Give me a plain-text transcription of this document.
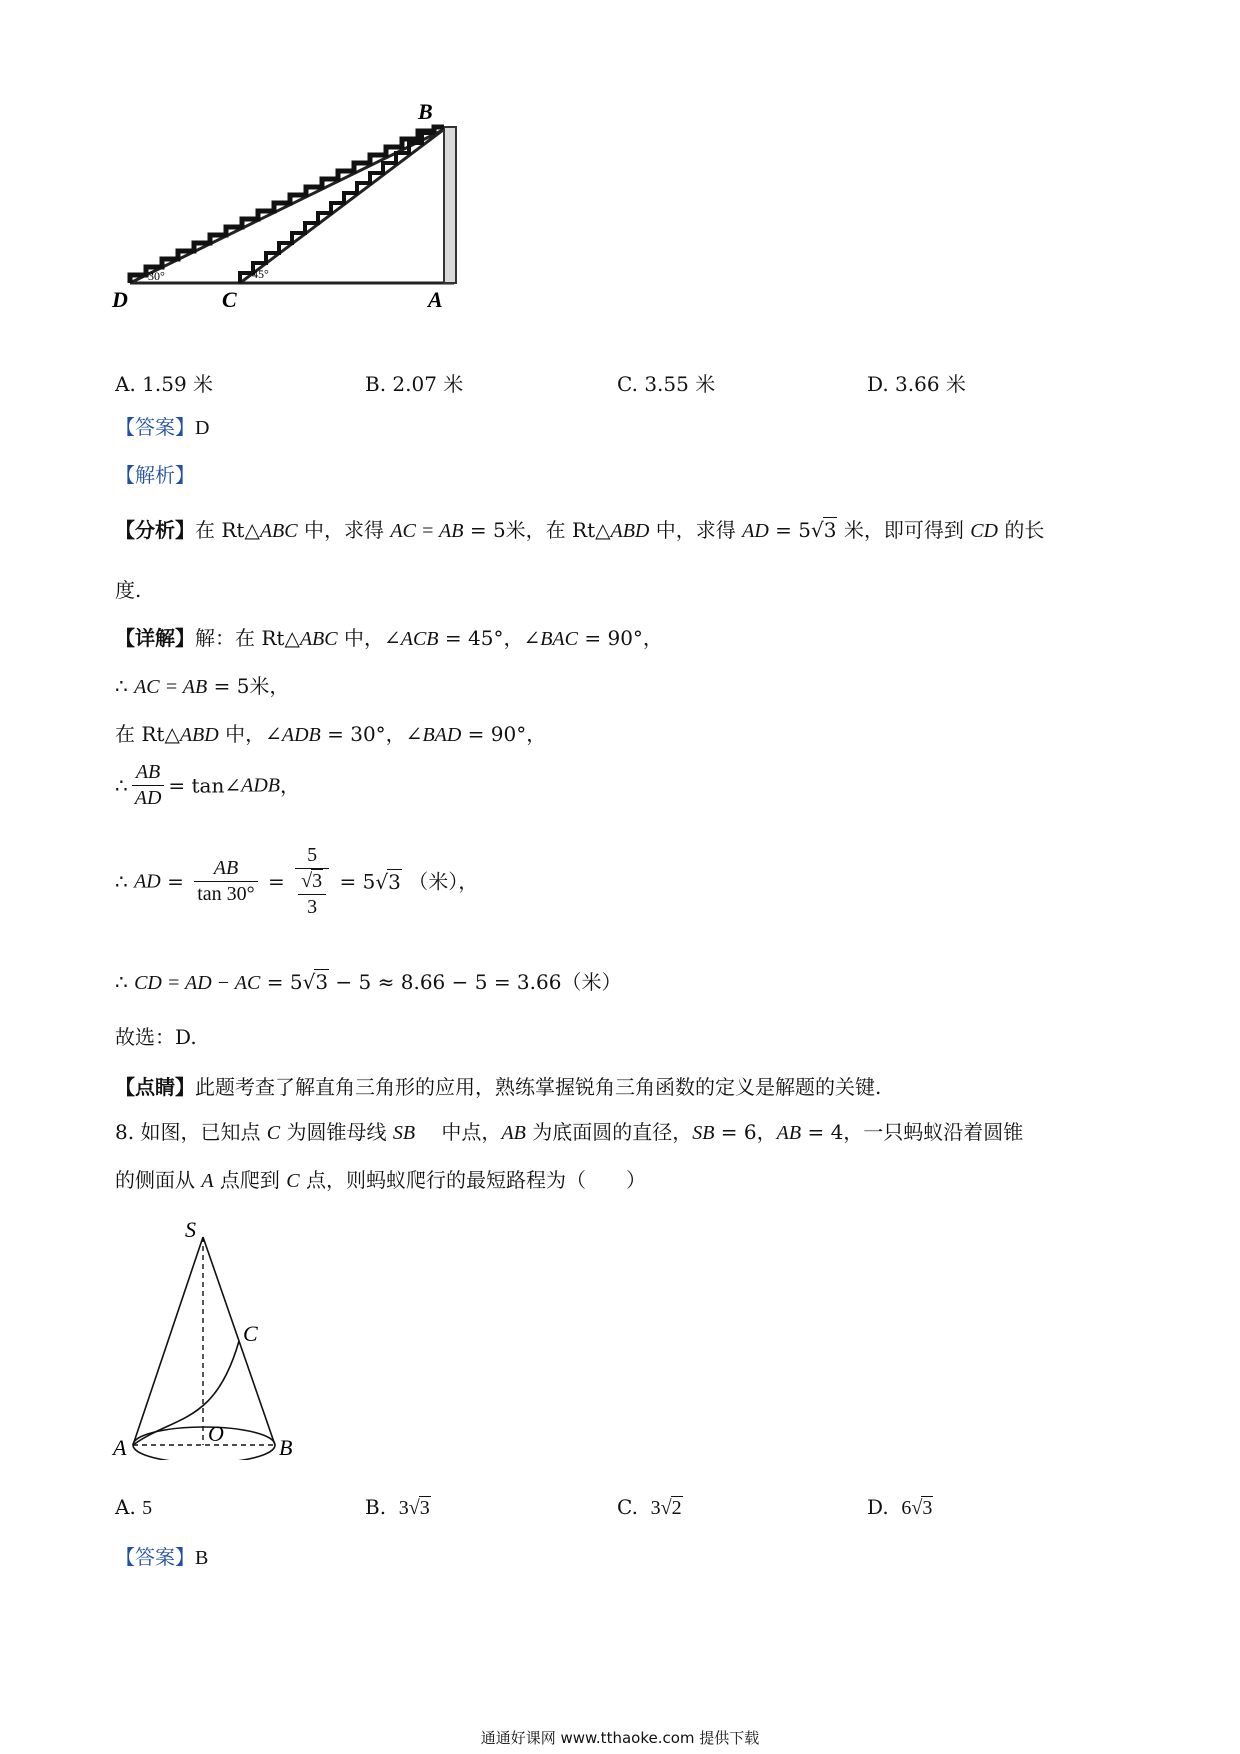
30°	45°
B
D	C	A
A. 1.59 米	B. 2.07 米	C. 3.55 米	D. 3.66 米
【答案】D
【解析】
【分析】在 Rt△ABC 中，求得 AC = AB = 5米，在 Rt△ABD 中，求得 AD = 5√3 米，即可得到 CD 的长
度.
【详解】解：在 Rt△ABC 中，∠ACB = 45°，∠BAC = 90°，
∴ AC = AB = 5米，
在 Rt△ABD 中，∠ADB = 30°，∠BAD = 90°，
∴ $\frac{AB}{AD}$ = tan∠ADB，
∴ AD = $\frac{AB}{\tan 30^\circ} = \frac{5}{\frac{√3}{3}} = 5√3$ （米），
∴ CD = AD − AC = 5√3 − 5 ≈ 8.66 − 5 = 3.66（米）
故选：D.
【点睛】此题考查了解直角三角形的应用，熟练掌握锐角三角函数的定义是解题的关键.
8. 如图，已知点 C 为圆锥母线 SB　 中点，AB 为底面圆的直径，SB = 6，AB = 4，一只蚂蚁沿着圆锥
的侧面从 A 点爬到 C 点，则蚂蚁爬行的最短路程为（　　）
S
C
O
A	B
A. 5	B. 3√3	C. 3√2	D. 6√3
【答案】B
通通好课网 www.tthaoke.com 提供下载
